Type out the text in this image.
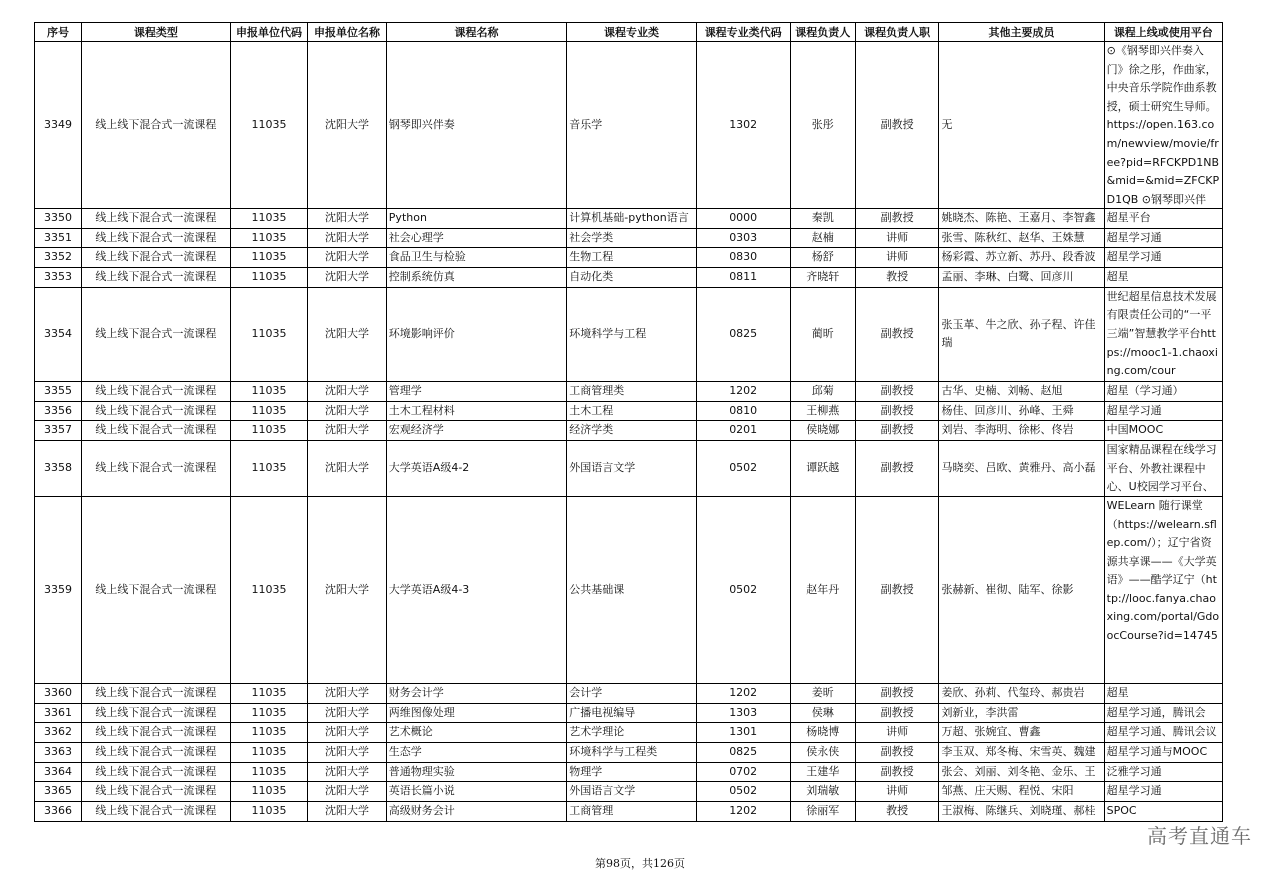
序号	课程类型	申报单位代码	申报单位名称	课程名称	课程专业类	课程专业类代码	课程负责人	课程负责人职	其他主要成员	课程上线或使用平台
3349	线上线下混合式一流课程	11035	沈阳大学	钢琴即兴伴奏	音乐学	1302	张彤	副教授	无	⊙《钢琴即兴伴奏入门》徐之彤，作曲家，中央音乐学院作曲系教授，硕士研究生导师。https://open.163.com/newview/movie/free?pid=RFCKPD1NB&mid=&mid=ZFCKPD1QB ⊙钢琴即兴伴

3350	线上线下混合式一流课程	11035	沈阳大学	Python	计算机基础-python语言	0000	秦凯	副教授	姚晓杰、陈艳、王嘉月、李智鑫	超星平台
3351	线上线下混合式一流课程	11035	沈阳大学	社会心理学	社会学类	0303	赵楠	讲师	张雪、陈秋红、赵华、王姝慧	超星学习通
3352	线上线下混合式一流课程	11035	沈阳大学	食品卫生与检验	生物工程	0830	杨舒	讲师	杨彩霞、苏立新、苏丹、段香波	超星学习通
3353	线上线下混合式一流课程	11035	沈阳大学	控制系统仿真	自动化类	0811	齐晓轩	教授	孟丽、李琳、白鹭、回彦川	超星
3354	线上线下混合式一流课程	11035	沈阳大学	环境影响评价	环境科学与工程	0825	蔺昕	副教授	张玉革、牛之欣、孙子程、许佳瑞	世纪超星信息技术发展有限责任公司的“一平三端”智慧教学平台https://mooc1-1.chaoxing.com/cour

3355	线上线下混合式一流课程	11035	沈阳大学	管理学	工商管理类	1202	邱菊	副教授	古华、史楠、刘畅、赵旭	超星（学习通）
3356	线上线下混合式一流课程	11035	沈阳大学	土木工程材料	土木工程	0810	王柳燕	副教授	杨佳、回彦川、孙峰、王舜	超星学习通
3357	线上线下混合式一流课程	11035	沈阳大学	宏观经济学	经济学类	0201	侯晓娜	副教授	刘岩、李海明、徐彬、佟岩	中国MOOC
3358	线上线下混合式一流课程	11035	沈阳大学	大学英语A级4-2	外国语言文学	0502	谭跃越	副教授	马晓奕、吕欧、黄雅丹、高小磊	国家精品课程在线学习平台、外教社课程中心、U校园学习平台、

3359	线上线下混合式一流课程	11035	沈阳大学	大学英语A级4-3	公共基础课	0502	赵年丹	副教授	张赫新、崔彻、陆军、徐影	WELearn 随行课堂（https://welearn.sflep.com/）；辽宁省资源共享课——《大学英语》——酷学辽宁（http://looc.fanya.chaoxing.com/portal/GdoocCourse?id=14745

3360	线上线下混合式一流课程	11035	沈阳大学	财务会计学	会计学	1202	姜昕	副教授	姜欣、孙莉、代玺玲、郝贵岩	超星
3361	线上线下混合式一流课程	11035	沈阳大学	两维图像处理	广播电视编导	1303	侯琳	副教授	刘新业，李洪雷	超星学习通，腾讯会
3362	线上线下混合式一流课程	11035	沈阳大学	艺术概论	艺术学理论	1301	杨晓博	讲师	万超、张婉宜、曹鑫	超星学习通、腾讯会议
3363	线上线下混合式一流课程	11035	沈阳大学	生态学	环境科学与工程类	0825	侯永侠	副教授	李玉双、郑冬梅、宋雪英、魏建	超星学习通与MOOC
3364	线上线下混合式一流课程	11035	沈阳大学	普通物理实验	物理学	0702	王建华	副教授	张会、刘丽、刘冬艳、金乐、王	泛雅学习通
3365	线上线下混合式一流课程	11035	沈阳大学	英语长篇小说	外国语言文学	0502	刘瑞敏	讲师	邹燕、庄天赐、程悦、宋阳	超星学习通
3366	线上线下混合式一流课程	11035	沈阳大学	高级财务会计	工商管理	1202	徐丽军	教授	王淑梅、陈继兵、刘晓瑾、郝桂	SPOC
第98页，共126页
高考直通车
